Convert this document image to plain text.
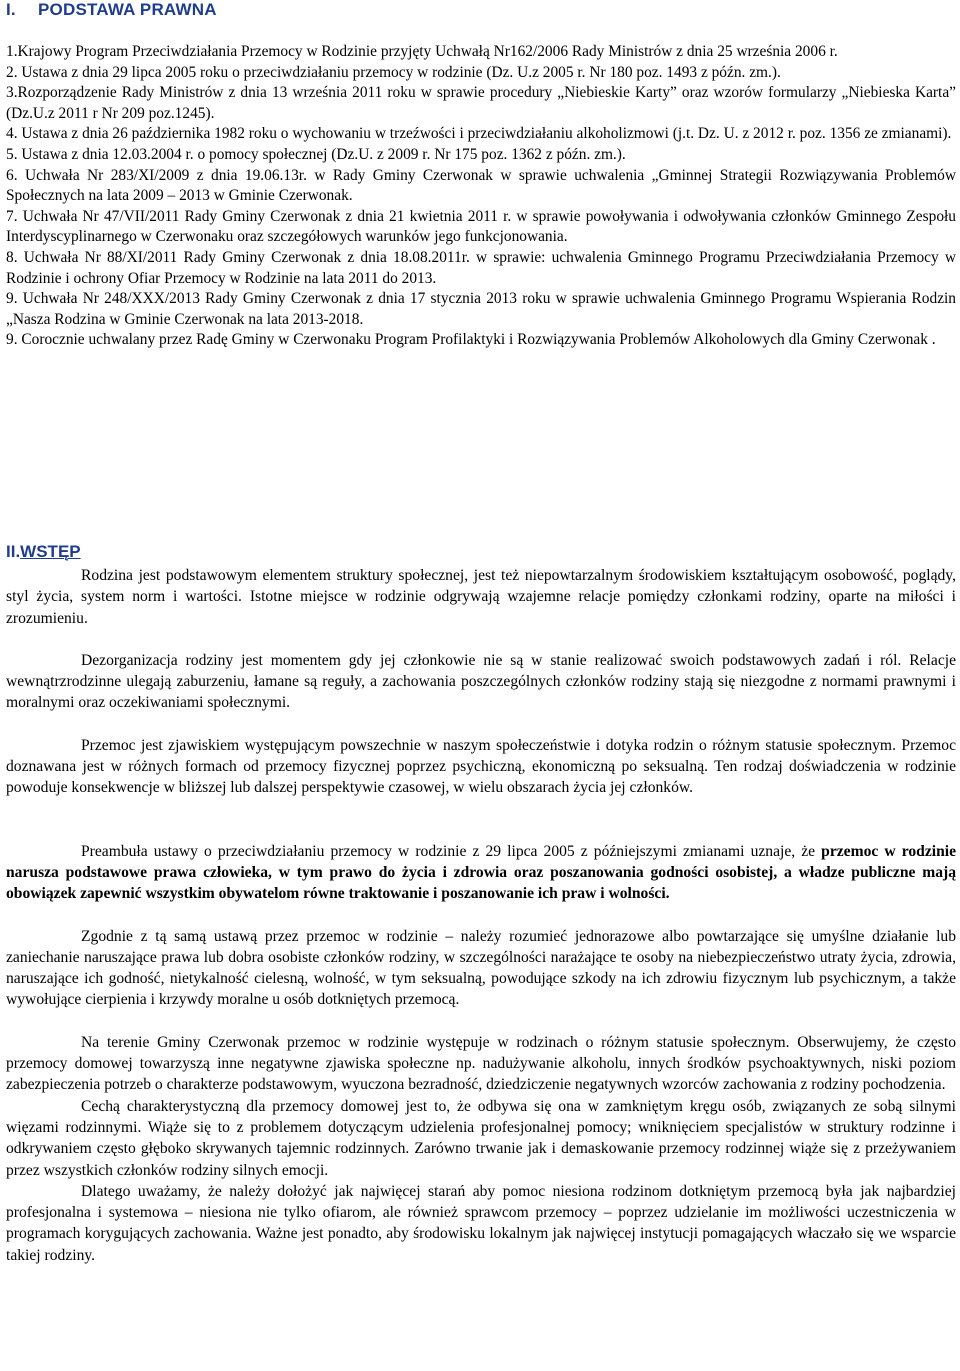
I. PODSTAWA PRAWNA

1.Krajowy Program Przeciwdziałania Przemocy w Rodzinie przyjęty Uchwałą Nr162/2006 Rady Ministrów z dnia 25 września 2006 r.

2. Ustawa z dnia 29 lipca 2005 roku o przeciwdziałaniu przemocy w rodzinie (Dz. U.z 2005 r. Nr 180 poz. 1493 z późn. zm.).

3.Rozporządzenie Rady Ministrów z dnia 13 września 2011 roku w sprawie procedury „Niebieskie Karty” oraz wzorów formularzy „Niebieska Karta” (Dz.U.z 2011 r Nr 209 poz.1245).

4. Ustawa z dnia 26 października 1982 roku o wychowaniu w trzeźwości i przeciwdziałaniu alkoholizmowi (j.t. Dz. U. z 2012 r. poz. 1356 ze zmianami).

5. Ustawa z dnia 12.03.2004 r. o pomocy społecznej (Dz.U. z 2009 r. Nr 175 poz. 1362 z późn. zm.).

6. Uchwała Nr 283/XI/2009 z dnia 19.06.13r. w Rady Gminy Czerwonak w sprawie uchwalenia „Gminnej Strategii Rozwiązywania Problemów Społecznych na lata 2009 – 2013 w Gminie Czerwonak.

7. Uchwała Nr 47/VII/2011 Rady Gminy Czerwonak z dnia 21 kwietnia 2011 r. w sprawie powoływania i odwoływania członków Gminnego Zespołu Interdyscyplinarnego w Czerwonaku oraz szczegółowych warunków jego funkcjonowania.

8. Uchwała Nr 88/XI/2011 Rady Gminy Czerwonak z dnia 18.08.2011r. w sprawie: uchwalenia Gminnego Programu Przeciwdziałania Przemocy w Rodzinie i ochrony Ofiar Przemocy w Rodzinie na lata 2011 do 2013.

9. Uchwała Nr 248/XXX/2013 Rady Gminy Czerwonak z dnia 17 stycznia 2013 roku w sprawie uchwalenia Gminnego Programu Wspierania Rodzin „Nasza Rodzina w Gminie Czerwonak na lata 2013-2018.

9. Corocznie uchwalany przez Radę Gminy w Czerwonaku Program Profilaktyki i Rozwiązywania Problemów Alkoholowych dla Gminy Czerwonak .

II.WSTĘP

Rodzina jest podstawowym elementem struktury społecznej, jest też niepowtarzalnym środowiskiem kształtującym osobowość, poglądy, styl życia, system norm i wartości. Istotne miejsce w rodzinie odgrywają wzajemne relacje pomiędzy członkami rodziny, oparte na miłości i zrozumieniu.

Dezorganizacja rodziny jest momentem gdy jej członkowie nie są w stanie realizować swoich podstawowych zadań i ról. Relacje wewnątrzrodzinne ulegają zaburzeniu, łamane są reguły, a zachowania poszczególnych członków rodziny stają się niezgodne z normami prawnymi i moralnymi oraz oczekiwaniami społecznymi.

Przemoc jest zjawiskiem występującym powszechnie w naszym społeczeństwie i dotyka rodzin o różnym statusie społecznym. Przemoc doznawana jest w różnych formach od przemocy fizycznej poprzez psychiczną, ekonomiczną po seksualną. Ten rodzaj doświadczenia w rodzinie powoduje konsekwencje w bliższej lub dalszej perspektywie czasowej, w wielu obszarach życia jej członków.

Preambuła ustawy o przeciwdziałaniu przemocy w rodzinie z 29 lipca 2005 z późniejszymi zmianami uznaje, że przemoc w rodzinie narusza podstawowe prawa człowieka, w tym prawo do życia i zdrowia oraz poszanowania godności osobistej, a władze publiczne mają obowiązek zapewnić wszystkim obywatelom równe traktowanie i poszanowanie ich praw i wolności.

Zgodnie z tą samą ustawą przez przemoc w rodzinie – należy rozumieć jednorazowe albo powtarzające się umyślne działanie lub zaniechanie naruszające prawa lub dobra osobiste członków rodziny, w szczególności narażające te osoby na niebezpieczeństwo utraty życia, zdrowia, naruszające ich godność, nietykalność cielesną, wolność, w tym seksualną, powodujące szkody na ich zdrowiu fizycznym lub psychicznym, a także wywołujące cierpienia i krzywdy moralne u osób dotkniętych przemocą.

Na terenie Gminy Czerwonak przemoc w rodzinie występuje w rodzinach o różnym statusie społecznym. Obserwujemy, że często przemocy domowej towarzyszą inne negatywne zjawiska społeczne np. nadużywanie alkoholu, innych środków psychoaktywnych, niski poziom zabezpieczenia potrzeb o charakterze podstawowym, wyuczona bezradność, dziedziczenie negatywnych wzorców zachowania z rodziny pochodzenia.

Cechą charakterystyczną dla przemocy domowej jest to, że odbywa się ona w zamkniętym kręgu osób, związanych ze sobą silnymi więzami rodzinnymi. Wiąże się to z problemem dotyczącym udzielenia profesjonalnej pomocy; wniknięciem specjalistów w struktury rodzinne i odkrywaniem często głęboko skrywanych tajemnic rodzinnych. Zarówno trwanie jak i demaskowanie przemocy rodzinnej wiąże się z przeżywaniem przez wszystkich członków rodziny silnych emocji.

Dlatego uważamy, że należy dołożyć jak najwięcej starań aby pomoc niesiona rodzinom dotkniętym przemocą była jak najbardziej profesjonalna i systemowa – niesiona nie tylko ofiarom, ale również sprawcom przemocy – poprzez udzielanie im możliwości uczestniczenia w programach korygujących zachowania. Ważne jest ponadto, aby środowisku lokalnym jak najwięcej instytucji pomagających właczało się we wsparcie takiej rodziny.
